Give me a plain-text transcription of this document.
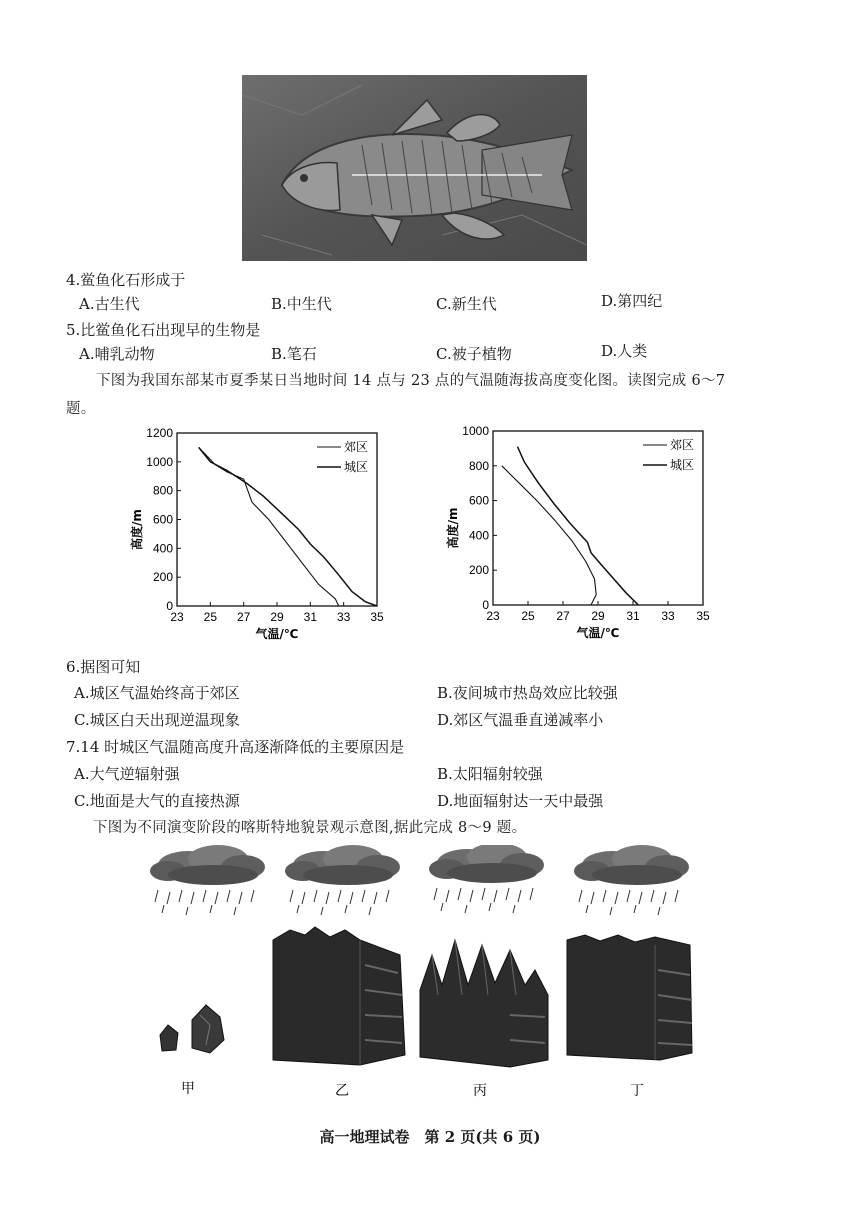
4.鲎鱼化石形成于
A.古生代	B.中生代	C.新生代	D.第四纪
5.比鲎鱼化石出现早的生物是
A.哺乳动物	B.笔石	C.被子植物	D.人类
下图为我国东部某市夏季某日当地时间 14 点与 23 点的气温随海拔高度变化图。读图完成 6～7
题。
23 25 27 29 31 33 35
0
200
400
600
800
1000
1200
气温/℃
高度/m
郊区
城区
23 25 27 29 31 33 35
0
200
400
600
800
1000
气温/℃
高度/m
郊区
城区
6.据图可知
A.城区气温始终高于郊区	B.夜间城市热岛效应比较强
C.城区白天出现逆温现象	D.郊区气温垂直递减率小
7.14 时城区气温随高度升高逐渐降低的主要原因是
A.大气逆辐射强	B.太阳辐射较强
C.地面是大气的直接热源	D.地面辐射达一天中最强
下图为不同演变阶段的喀斯特地貌景观示意图,据此完成 8～9 题。
甲	乙	丙	丁
高一地理试卷　第 2 页(共 6 页)
